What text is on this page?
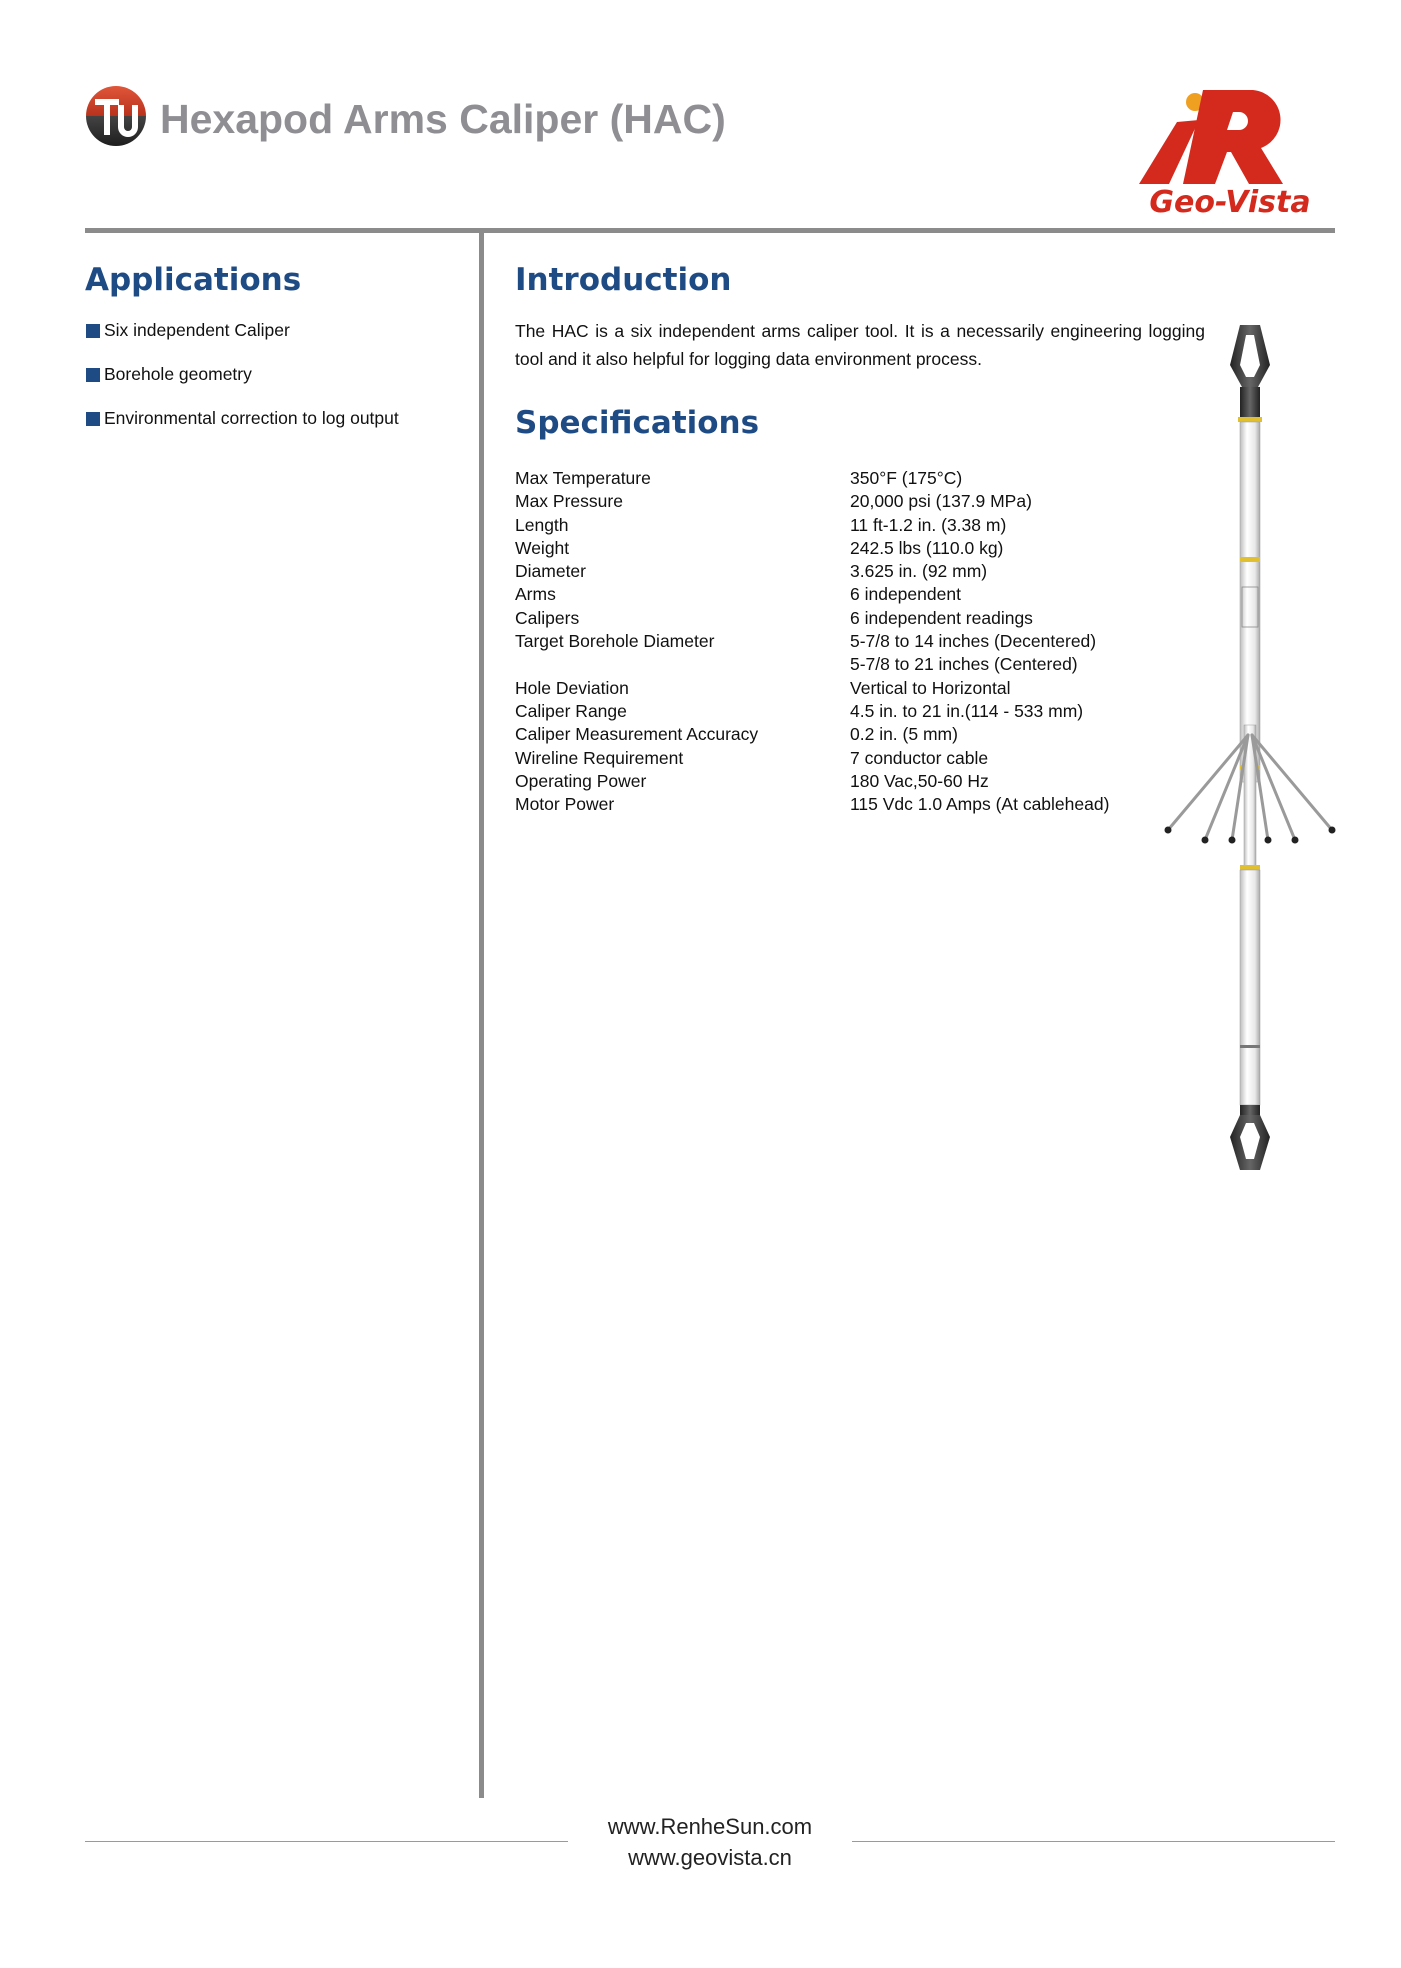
Hexapod Arms Caliper (HAC)
Geo-Vista
Applications
Six independent Caliper
Borehole geometry
Environmental correction to log output
Introduction
The HAC is a six independent arms caliper tool. It is a necessarily engineering logging tool and it also helpful for logging data environment process.
Specifications
Max Temperature	350°F (175°C)
Max Pressure	20,000 psi (137.9 MPa)
Length	11 ft-1.2 in. (3.38 m)
Weight	242.5 lbs (110.0 kg)
Diameter	3.625 in. (92 mm)
Arms	6 independent
Calipers	6 independent readings
Target Borehole Diameter	5-7/8 to 14 inches (Decentered)
	5-7/8 to 21 inches (Centered)
Hole Deviation	Vertical to Horizontal
Caliper Range	4.5 in. to 21 in.(114 - 533 mm)
Caliper Measurement Accuracy	0.2 in. (5 mm)
Wireline Requirement	7 conductor cable
Operating Power	180 Vac,50-60 Hz
Motor Power	115 Vdc 1.0 Amps (At cablehead)
www.RenheSun.com
www.geovista.cn
